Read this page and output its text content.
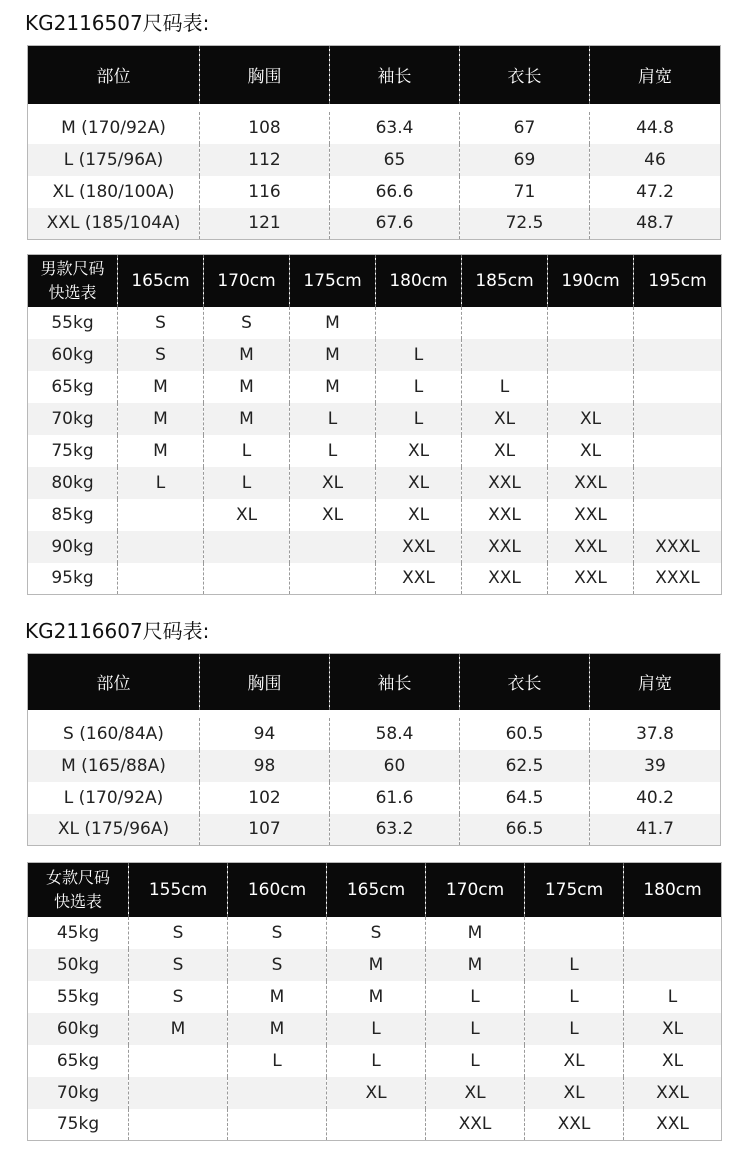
KG2116507尺码表:
部位	胸围	袖长	衣长	肩宽

M (170/92A)	108	63.4	67	44.8
L (175/96A)	112	65	69	46
XL (180/100A)	116	66.6	71	47.2
XXL (185/104A)	121	67.6	72.5	48.7
男款尺码
快选表	165cm	170cm	175cm	180cm	185cm	190cm	195cm
55kg	S	S	M				
60kg	S	M	M	L			
65kg	M	M	M	L	L		
70kg	M	M	L	L	XL	XL	
75kg	M	L	L	XL	XL	XL	
80kg	L	L	XL	XL	XXL	XXL	
85kg		XL	XL	XL	XXL	XXL	
90kg				XXL	XXL	XXL	XXXL
95kg				XXL	XXL	XXL	XXXL
KG2116607尺码表:
部位	胸围	袖长	衣长	肩宽

S (160/84A)	94	58.4	60.5	37.8
M (165/88A)	98	60	62.5	39
L (170/92A)	102	61.6	64.5	40.2
XL (175/96A)	107	63.2	66.5	41.7
女款尺码
快选表	155cm	160cm	165cm	170cm	175cm	180cm
45kg	S	S	S	M		
50kg	S	S	M	M	L	
55kg	S	M	M	L	L	L
60kg	M	M	L	L	L	XL
65kg		L	L	L	XL	XL
70kg			XL	XL	XL	XXL
75kg				XXL	XXL	XXL
